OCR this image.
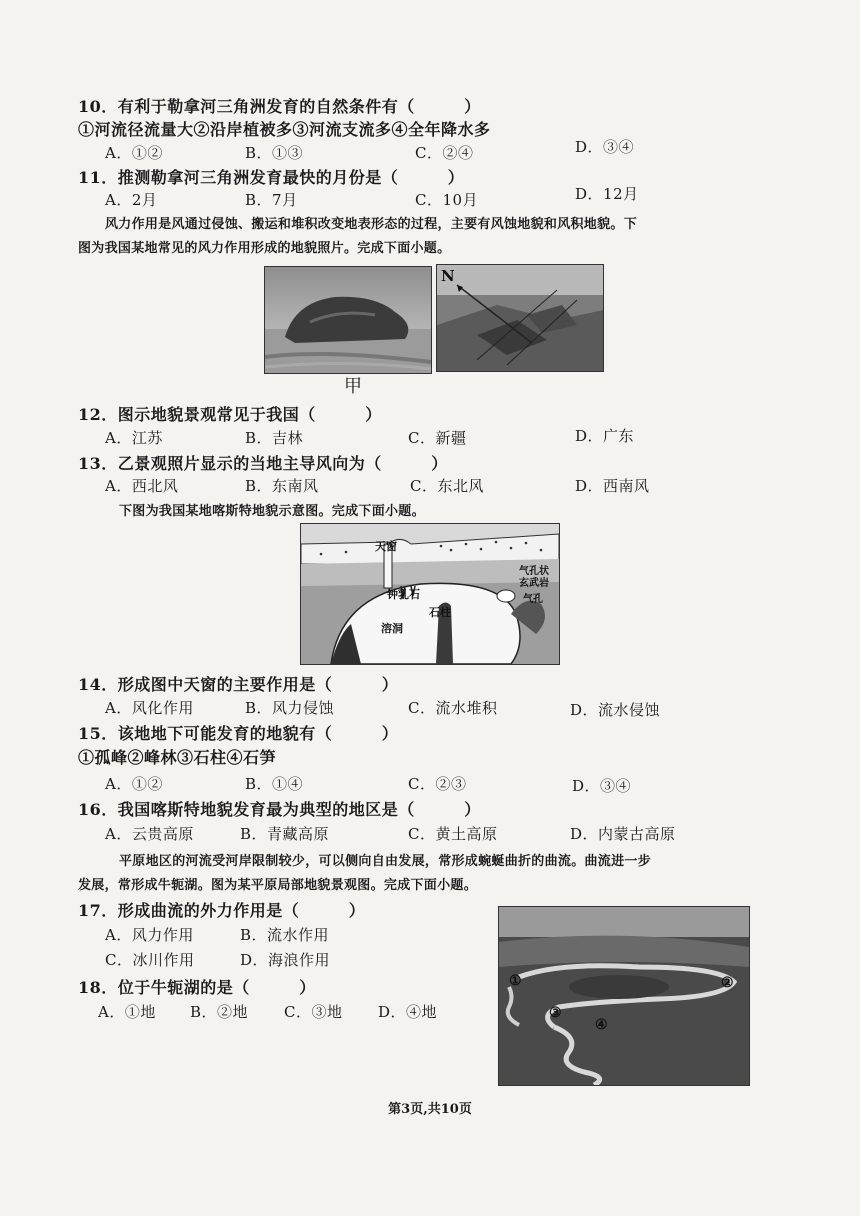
10．有利于勒拿河三角洲发育的自然条件有（　　　）
①河流径流量大②沿岸植被多③河流支流多④全年降水多
A．①②	B．①③	C．②④	D．③④
11．推测勒拿河三角洲发育最快的月份是（　　　）
A．2月	B．7月	C．10月	D．12月
风力作用是风通过侵蚀、搬运和堆积改变地表形态的过程，主要有风蚀地貌和风积地貌。下
图为我国某地常见的风力作用形成的地貌照片。完成下面小题。
N
甲
12．图示地貌景观常见于我国（　　　）
A．江苏	B．吉林	C．新疆	D．广东
13．乙景观照片显示的当地主导风向为（　　　）
A．西北风	B．东南风	C．东北风	D．西南风
下图为我国某地喀斯特地貌示意图。完成下面小题。
天窗
钟乳石
石柱
溶洞
气孔状
玄武岩
气孔
14．形成图中天窗的主要作用是（　　　）
A．风化作用	B．风力侵蚀	C．流水堆积	D．流水侵蚀
15．该地地下可能发育的地貌有（　　　）
①孤峰②峰林③石柱④石笋
A．①②	B．①④	C．②③	D．③④
16．我国喀斯特地貌发育最为典型的地区是（　　　）
A．云贵高原	B．青藏高原	C．黄土高原	D．内蒙古高原
平原地区的河流受河岸限制较少，可以侧向自由发展，常形成蜿蜒曲折的曲流。曲流进一步
发展，常形成牛轭湖。图为某平原局部地貌景观图。完成下面小题。
17．形成曲流的外力作用是（　　　）
A．风力作用	B．流水作用
C．冰川作用	D．海浪作用
18．位于牛轭湖的是（　　　）
A．①地 B．②地 C．③地 D．④地
①	②
③
④
第3页,共10页
